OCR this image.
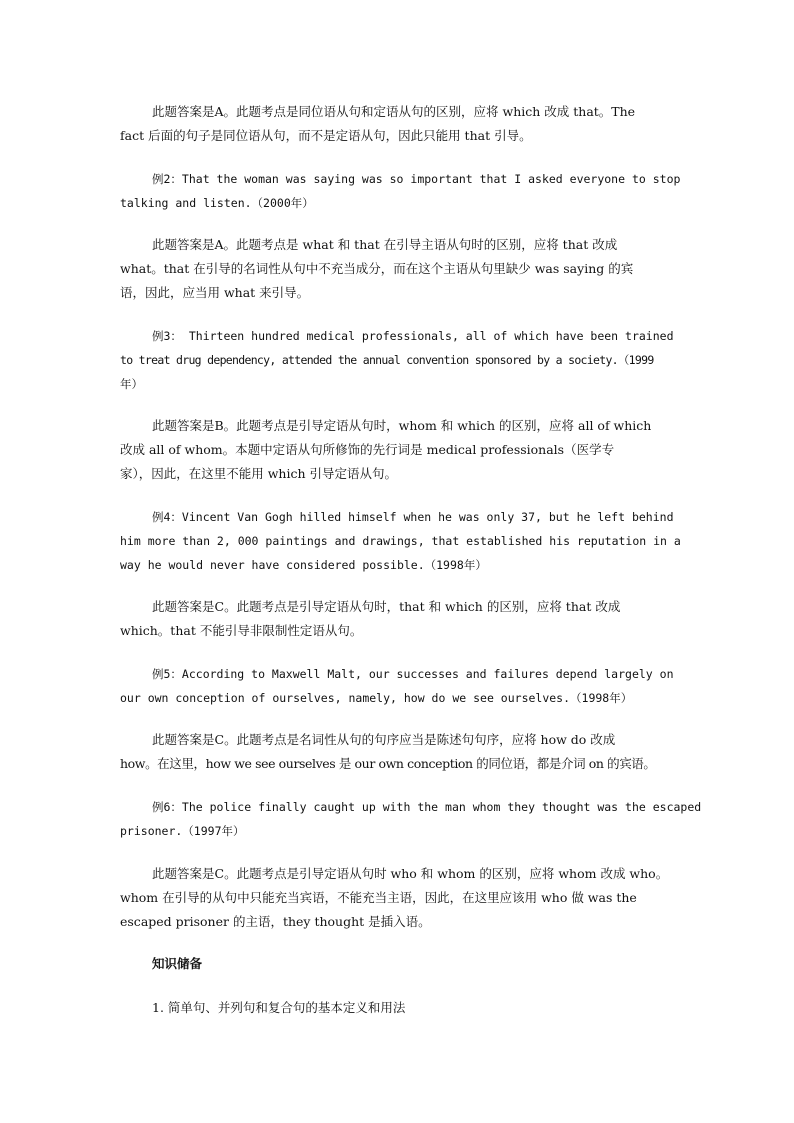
此题答案是A。此题考点是同位语从句和定语从句的区别，应将 which 改成 that。The
fact 后面的句子是同位语从句，而不是定语从句，因此只能用 that 引导。
例2：That the woman was saying was so important that I asked everyone to stop
talking and listen.（2000年）
此题答案是A。此题考点是 what 和 that 在引导主语从句时的区别，应将 that 改成
what。that 在引导的名词性从句中不充当成分，而在这个主语从句里缺少 was saying 的宾
语，因此，应当用 what 来引导。
例3： Thirteen hundred medical professionals, all of which have been trained
to treat drug dependency, attended the annual convention sponsored by a society.（1999
年）
此题答案是B。此题考点是引导定语从句时，whom 和 which 的区别，应将 all of which
改成 all of whom。本题中定语从句所修饰的先行词是 medical professionals（医学专
家），因此，在这里不能用 which 引导定语从句。
例4：Vincent Van Gogh hilled himself when he was only 37, but he left behind
him more than 2, 000 paintings and drawings, that established his reputation in a
way he would never have considered possible.（1998年）
此题答案是C。此题考点是引导定语从句时，that 和 which 的区别，应将 that 改成
which。that 不能引导非限制性定语从句。
例5：According to Maxwell Malt, our successes and failures depend largely on
our own conception of ourselves, namely, how do we see ourselves.（1998年）
此题答案是C。此题考点是名词性从句的句序应当是陈述句句序，应将 how do 改成
how。在这里，how we see ourselves 是 our own conception 的同位语，都是介词 on 的宾语。
例6：The police finally caught up with the man whom they thought was the escaped
prisoner.（1997年）
此题答案是C。此题考点是引导定语从句时 who 和 whom 的区别，应将 whom 改成 who。
whom 在引导的从句中只能充当宾语，不能充当主语，因此，在这里应该用 who 做 was the
escaped prisoner 的主语，they thought 是插入语。
知识储备
1. 简单句、并列句和复合句的基本定义和用法
